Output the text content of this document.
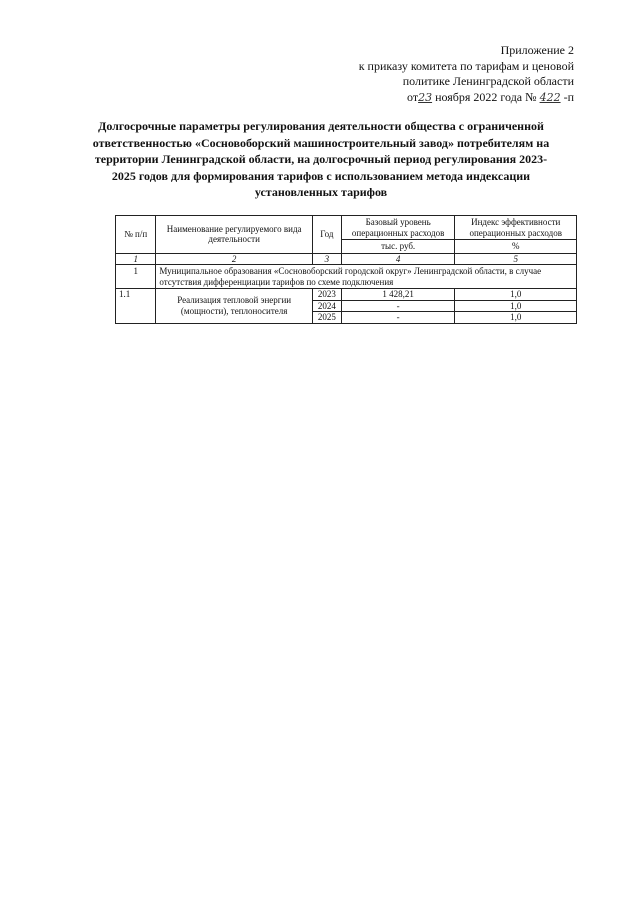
Приложение 2
к приказу комитета по тарифам и ценовой
политике Ленинградской области
от23 ноября 2022 года № 422 -п
Долгосрочные параметры регулирования деятельности общества с ограниченной ответственностью «Сосновоборский машиностроительный завод» потребителям на территории Ленинградской области, на долгосрочный период регулирования 2023-2025 годов для формирования тарифов с использованием метода индексации установленных тарифов
№ п/п	Наименование регулируемого вида деятельности	Год	Базовый уровень операционных расходов	Индекс эффективности операционных расходов
			тыс. руб.	%
1	2	3	4	5
1	Муниципальное образования «Сосновоборский городской округ» Ленинградской области, в случае отсутствия дифференциации тарифов по схеме подключения			
1.1	Реализация тепловой энергии (мощности), теплоносителя	2023	1 428,21	1,0
		2024	-	1,0
		2025	-	1,0
